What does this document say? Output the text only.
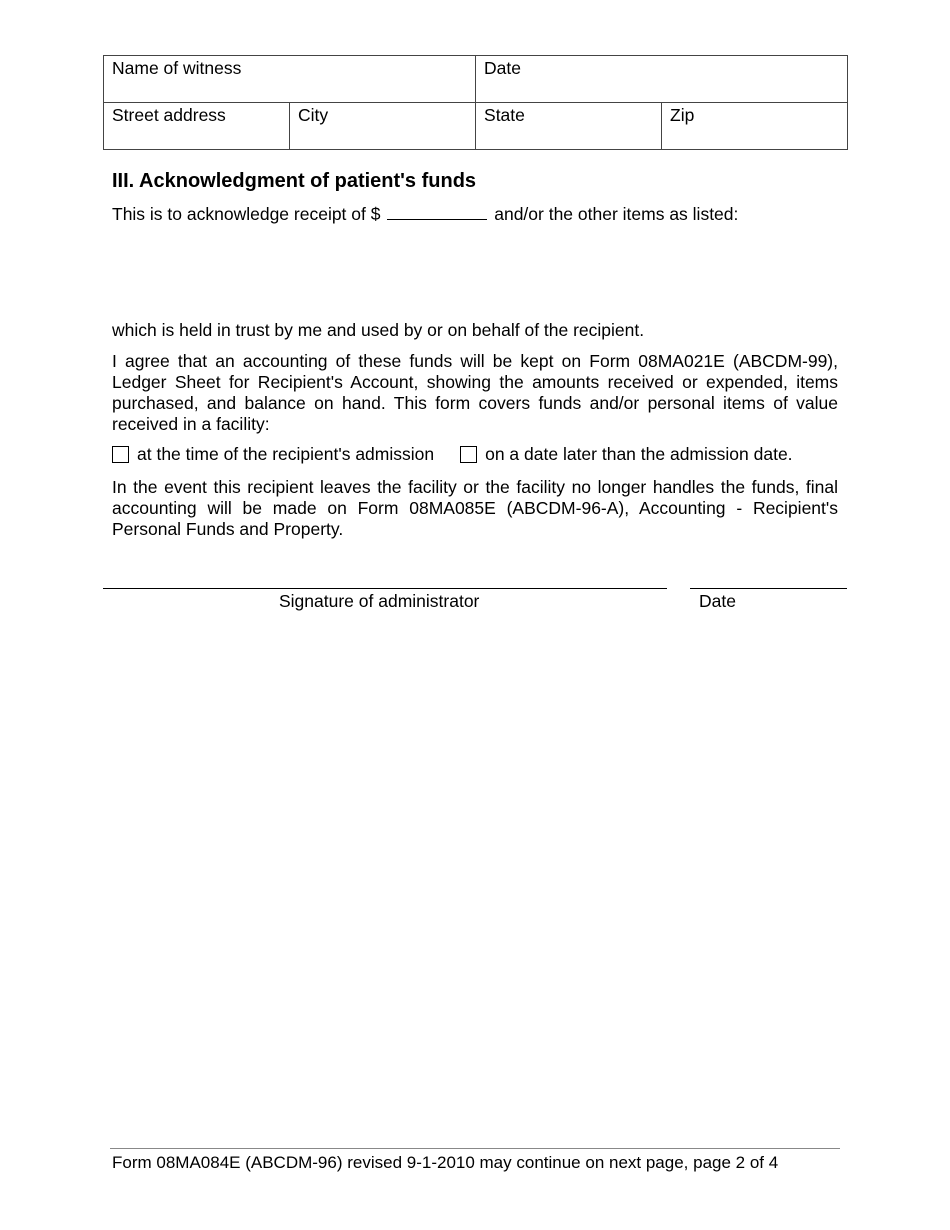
Name of witness		Date	
Street address	City	State	Zip
III. Acknowledgment of patient's funds
This is to acknowledge receipt of $	and/or the other items as listed:
which is held in trust by me and used by or on behalf of the recipient.
I agree that an accounting of these funds will be kept on Form 08MA021E (ABCDM-99), Ledger Sheet for Recipient's Account, showing the amounts received or expended, items purchased, and balance on hand. This form covers funds and/or personal items of value received in a facility:
at the time of the recipient's admission	on a date later than the admission date.
In the event this recipient leaves the facility or the facility no longer handles the funds, final accounting will be made on Form 08MA085E (ABCDM-96-A), Accounting - Recipient's Personal Funds and Property.
Signature of administrator	Date
Form 08MA084E (ABCDM-96) revised 9-1-2010 may continue on next page, page 2 of 4
